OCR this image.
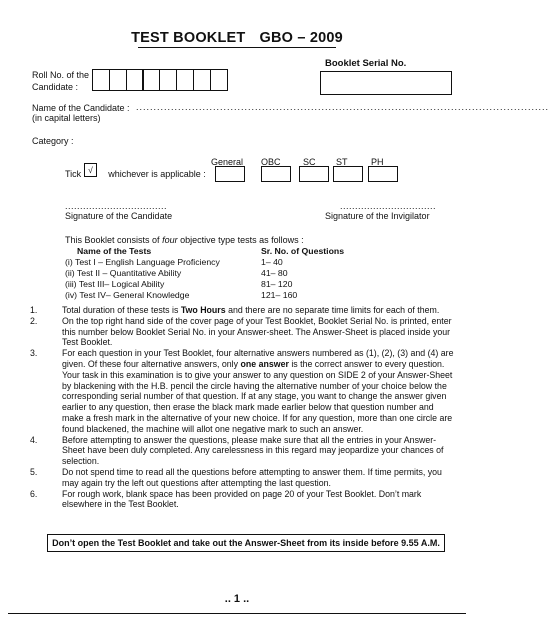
TEST BOOKLET GBO – 2009
Booklet Serial No.
Roll No. of the
Candidate :
Name of the Candidate : ......................................................................................................................
(in capital letters)
Category :
General OBC SC ST	PH
Tick	whichever is applicable :
√
..................................	................................
Signature of the Candidate	Signature of the Invigilator
This Booklet consists of four objective type tests as follows :
Name of the Tests	Sr. No. of Questions
(i) Test I – English Language Proficiency	1– 40
(ii) Test II – Quantitative Ability	41– 80
(iii) Test III– Logical Ability	81– 120
(iv) Test IV– General Knowledge	121– 160
1.	Total duration of these tests is Two Hours and there are no separate time limits for each of them.
2.	On the top right hand side of the cover page of your Test Booklet, Booklet Serial No. is printed, enter this number below Booklet Serial No. in your Answer-sheet. The Answer-Sheet is placed inside your Test Booklet.
3.	For each question in your Test Booklet, four alternative answers numbered as (1), (2), (3) and (4) are given. Of these four alternative answers, only one answer is the correct answer to every question. Your task in this examination is to give your answer to any question on SIDE 2 of your Answer-Sheet by blackening with the H.B. pencil the circle having the alternative number of your choice below the corresponding serial number of that question. If at any stage, you want to change the answer given earlier to any question, then erase the black mark made earlier below that question number and make a fresh mark in the alternative of your new choice. If for any question, more than one circle are found blackened, the machine will allot one negative mark to such an answer.
4.	Before attempting to answer the questions, please make sure that all the entries in your Answer-Sheet have been duly completed. Any carelessness in this regard may jeopardize your chances of selection.
5.	Do not spend time to read all the questions before attempting to answer them. If time permits, you may again try the left out questions after attempting the last question.
6.	For rough work, blank space has been provided on page 20 of your Test Booklet. Don’t mark elsewhere in the Test Booklet.
Don’t open the Test Booklet and take out the Answer-Sheet from its inside before 9.55 A.M.
.. 1 ..
